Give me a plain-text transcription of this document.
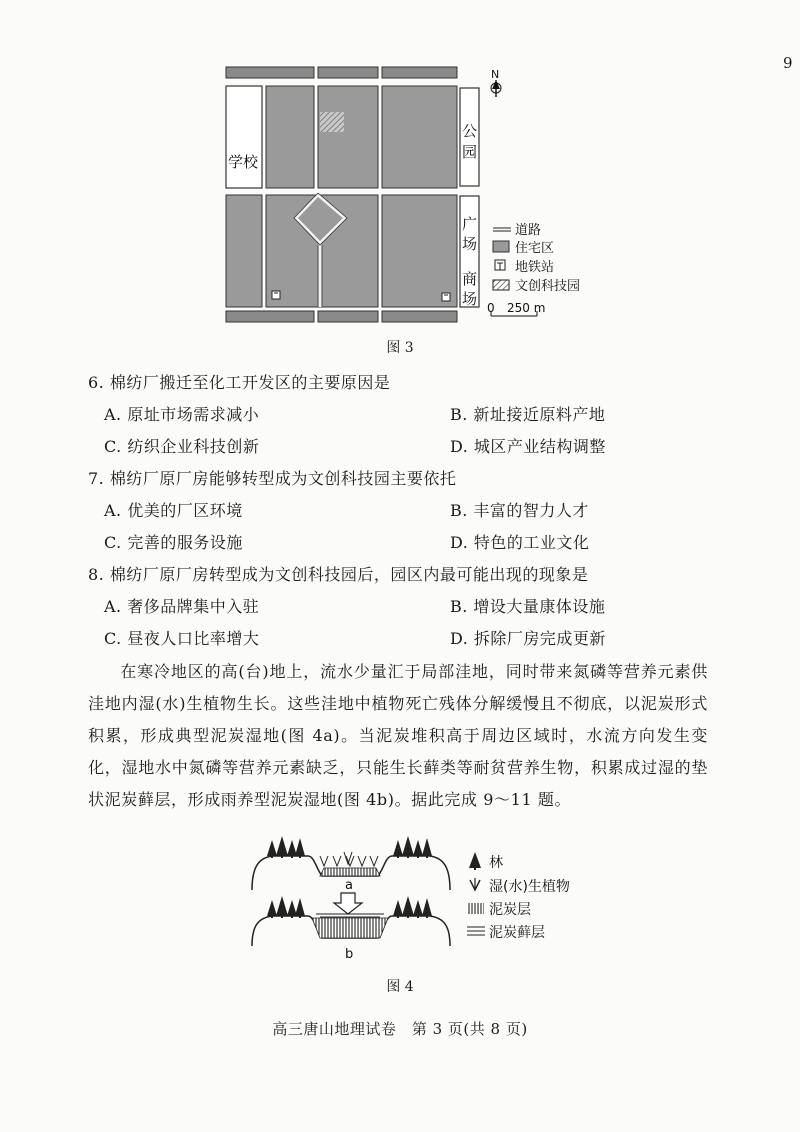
9
学校
公
园
广
场
商
场
N
道路
住宅区
地铁站
文创科技园
0 250 m
图 3
6. 棉纺厂搬迁至化工开发区的主要原因是
A. 原址市场需求减小	B. 新址接近原料产地
C. 纺织企业科技创新	D. 城区产业结构调整
7. 棉纺厂原厂房能够转型成为文创科技园主要依托
A. 优美的厂区环境	B. 丰富的智力人才
C. 完善的服务设施	D. 特色的工业文化
8. 棉纺厂原厂房转型成为文创科技园后，园区内最可能出现的现象是
A. 奢侈品牌集中入驻	B. 增设大量康体设施
C. 昼夜人口比率增大	D. 拆除厂房完成更新
在寒冷地区的高(台)地上，流水少量汇于局部洼地，同时带来氮磷等营养元素供洼地内湿(水)生植物生长。这些洼地中植物死亡残体分解缓慢且不彻底，以泥炭形式积累，形成典型泥炭湿地(图 4a)。当泥炭堆积高于周边区域时，水流方向发生变化，湿地水中氮磷等营养元素缺乏，只能生长藓类等耐贫营养生物，积累成过湿的垫状泥炭藓层，形成雨养型泥炭湿地(图 4b)。据此完成 9～11 题。
a
b
林
湿(水)生植物
泥炭层
泥炭藓层
图 4
高三唐山地理试卷　第 3 页(共 8 页)
